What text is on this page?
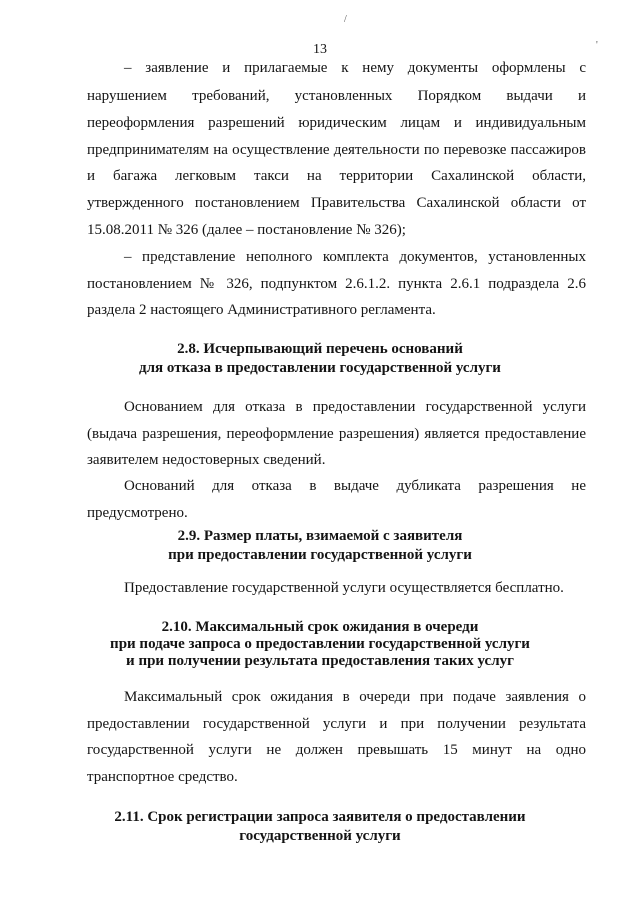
/
'
13
– заявление и прилагаемые к нему документы оформлены с
нарушением требований, установленных Порядком выдачи и
переоформления разрешений юридическим лицам и индивидуальным
предпринимателям на осуществление деятельности по перевозке пассажиров
и багажа легковым такси на территории Сахалинской области,
утвержденного постановлением Правительства Сахалинской области от
15.08.2011 № 326 (далее – постановление № 326);
– представление неполного комплекта документов, установленных
постановлением № 326, подпунктом 2.6.1.2. пункта 2.6.1 подраздела 2.6
раздела 2 настоящего Административного регламента.
2.8. Исчерпывающий перечень оснований
для отказа в предоставлении государственной услуги
Основанием для отказа в предоставлении государственной услуги
(выдача разрешения, переоформление разрешения) является предоставление
заявителем недостоверных сведений.
Оснований для отказа в выдаче дубликата разрешения не
предусмотрено.
2.9. Размер платы, взимаемой с заявителя
при предоставлении государственной услуги
Предоставление государственной услуги осуществляется бесплатно.
2.10. Максимальный срок ожидания в очереди
при подаче запроса о предоставлении государственной услуги
и при получении результата предоставления таких услуг
Максимальный срок ожидания в очереди при подаче заявления о
предоставлении государственной услуги и при получении результата
государственной услуги не должен превышать 15 минут на одно
транспортное средство.
2.11. Срок регистрации запроса заявителя о предоставлении
государственной услуги
